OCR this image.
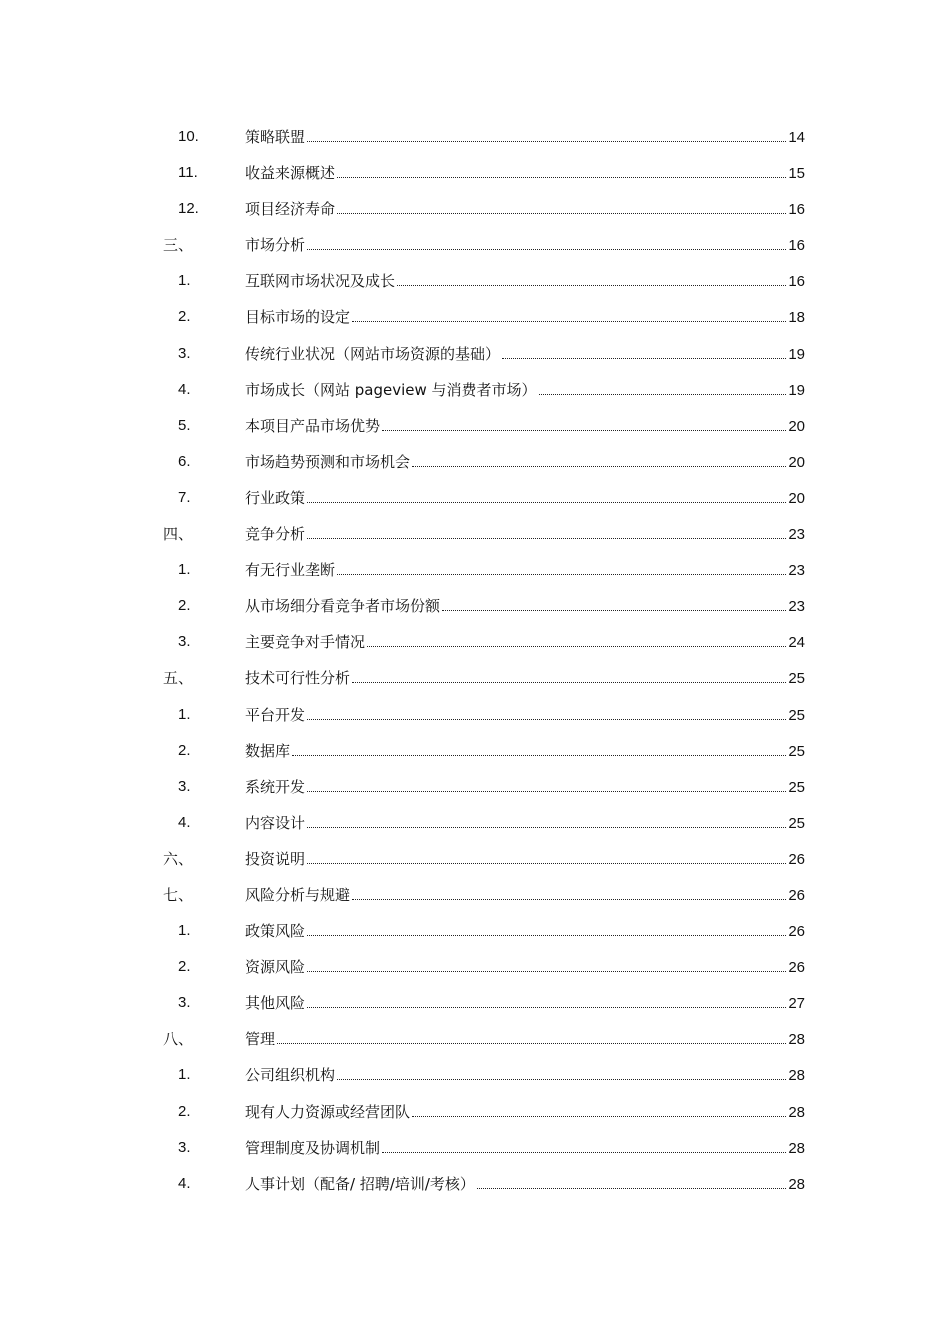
10.	策略联盟	14
11.	收益来源概述	15
12.	项目经济寿命	16
三、	市场分析	16
1.	互联网市场状况及成长	16
2.	目标市场的设定	18
3.	传统行业状况（网站市场资源的基础）	19
4.	市场成长（网站 pageview 与消费者市场）	19
5.	本项目产品市场优势	20
6.	市场趋势预测和市场机会	20
7.	行业政策	20
四、	竞争分析	23
1.	有无行业垄断	23
2.	从市场细分看竞争者市场份额	23
3.	主要竞争对手情况	24
五、	技术可行性分析	25
1.	平台开发	25
2.	数据库	25
3.	系统开发	25
4.	内容设计	25
六、	投资说明	26
七、	风险分析与规避	26
1.	政策风险	26
2.	资源风险	26
3.	其他风险	27
八、	管理	28
1.	公司组织机构	28
2.	现有人力资源或经营团队	28
3.	管理制度及协调机制	28
4.	人事计划（配备/ 招聘/培训/考核）	28
